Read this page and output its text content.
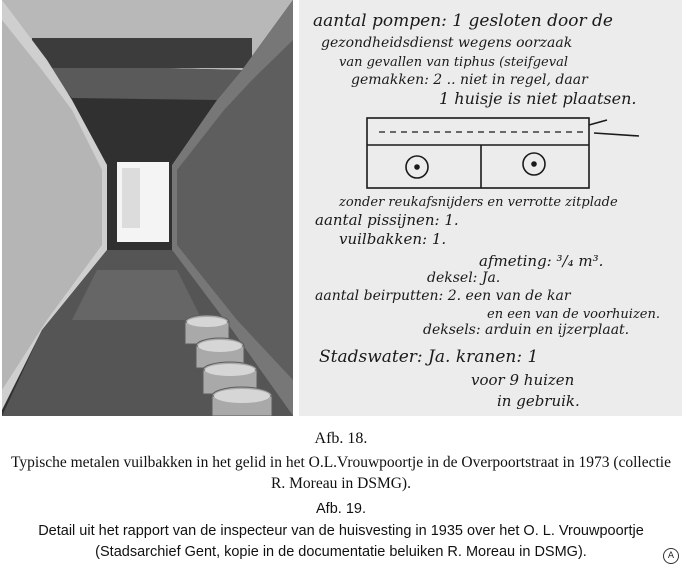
aantal pompen: 1 gesloten door de
gezondheidsdienst wegens oorzaak
van gevallen van tiphus (steifgeval
gemakken: 2 .. niet in regel, daar
1 huisje is niet plaatsen.
zonder reukafsnijders en verrotte zitplade
aantal pissijnen: 1.
vuilbakken: 1.
afmeting: ³/₄ m³.
deksel: Ja.
aantal beirputten: 2. een van de kar
en een van de voorhuizen.
deksels: arduin en ijzerplaat.
Stadswater: Ja. kranen: 1
voor 9 huizen
in gebruik.
Afb. 18.
Typische metalen vuilbakken in het gelid in het O.L.Vrouwpoortje in de Overpoortstraat in 1973 (collectie R. Moreau in DSMG).
Afb. 19.
Detail uit het rapport van de inspecteur van de huisvesting in 1935 over het O. L. Vrouwpoortje (Stadsarchief Gent, kopie in de documentatie beluiken R. Moreau in DSMG).	A
